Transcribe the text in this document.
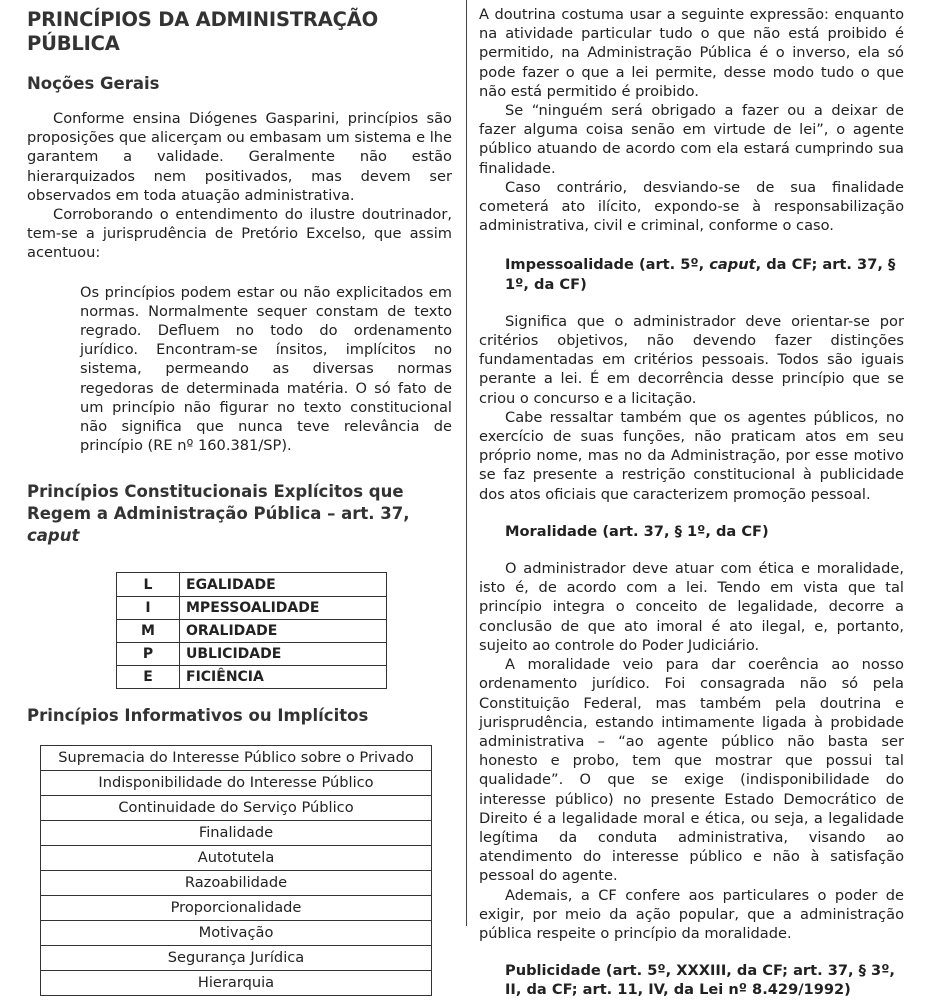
PRINCÍPIOS DA ADMINISTRAÇÃO PÚBLICA
Noções Gerais

Conforme ensina Diógenes Gasparini, princípios são proposições que alicerçam ou embasam um sistema e lhe garantem a validade. Geralmente não estão hierarquizados nem positivados, mas devem ser observados em toda atuação administrativa.

Corroborando o entendimento do ilustre doutrinador, tem-se a jurisprudência de Pretório Excelso, que assim acentuou:

Os princípios podem estar ou não explicitados em normas. Normalmente sequer constam de texto regrado. Defluem no todo do ordenamento jurídico. Encontram-se ínsitos, implícitos no sistema, permeando as diversas normas regedoras de determinada matéria. O só fato de um princípio não figurar no texto constitucional não significa que nunca teve relevância de princípio (RE nº 160.381/SP).

Princípios Constitucionais Explícitos que Regem a Administração Pública – art. 37, caput
L	EGALIDADE
I	MPESSOALIDADE
M	ORALIDADE
P	UBLICIDADE
E	FICIÊNCIA
Princípios Informativos ou Implícitos
Supremacia do Interesse Público sobre o Privado
Indisponibilidade do Interesse Público
Continuidade do Serviço Público
Finalidade
Autotutela
Razoabilidade
Proporcionalidade
Motivação
Segurança Jurídica
Hierarquia

A doutrina costuma usar a seguinte expressão: enquanto na atividade particular tudo o que não está proibido é permitido, na Administração Pública é o inverso, ela só pode fazer o que a lei permite, desse modo tudo o que não está permitido é proibido.

Se “ninguém será obrigado a fazer ou a deixar de fazer alguma coisa senão em virtude de lei”, o agente público atuando de acordo com ela estará cumprindo sua finalidade.

Caso contrário, desviando-se de sua finalidade cometerá ato ilícito, expondo-se à responsabilização administrativa, civil e criminal, conforme o caso.

Impessoalidade (art. 5º, caput, da CF; art. 37, § 1º, da CF)

Significa que o administrador deve orientar-se por critérios objetivos, não devendo fazer distinções fundamentadas em critérios pessoais. Todos são iguais perante a lei. É em decorrência desse princípio que se criou o concurso e a licitação.

Cabe ressaltar também que os agentes públicos, no exercício de suas funções, não praticam atos em seu próprio nome, mas no da Administração, por esse motivo se faz presente a restrição constitucional à publicidade dos atos oficiais que caracterizem promoção pessoal.

Moralidade (art. 37, § 1º, da CF)

O administrador deve atuar com ética e moralidade, isto é, de acordo com a lei. Tendo em vista que tal princípio integra o conceito de legalidade, decorre a conclusão de que ato imoral é ato ilegal, e, portanto, sujeito ao controle do Poder Judiciário.

A moralidade veio para dar coerência ao nosso ordenamento jurídico. Foi consagrada não só pela Constituição Federal, mas também pela doutrina e jurisprudência, estando intimamente ligada à probidade administrativa – “ao agente público não basta ser honesto e probo, tem que mostrar que possui tal qualidade”. O que se exige (indisponibilidade do interesse público) no presente Estado Democrático de Direito é a legalidade moral e ética, ou seja, a legalidade legítima da conduta administrativa, visando ao atendimento do interesse público e não à satisfação pessoal do agente.

Ademais, a CF confere aos particulares o poder de exigir, por meio da ação popular, que a administração pública respeite o princípio da moralidade.

Publicidade (art. 5º, XXXIII, da CF; art. 37, § 3º, II, da CF; art. 11, IV, da Lei nº 8.429/1992)
